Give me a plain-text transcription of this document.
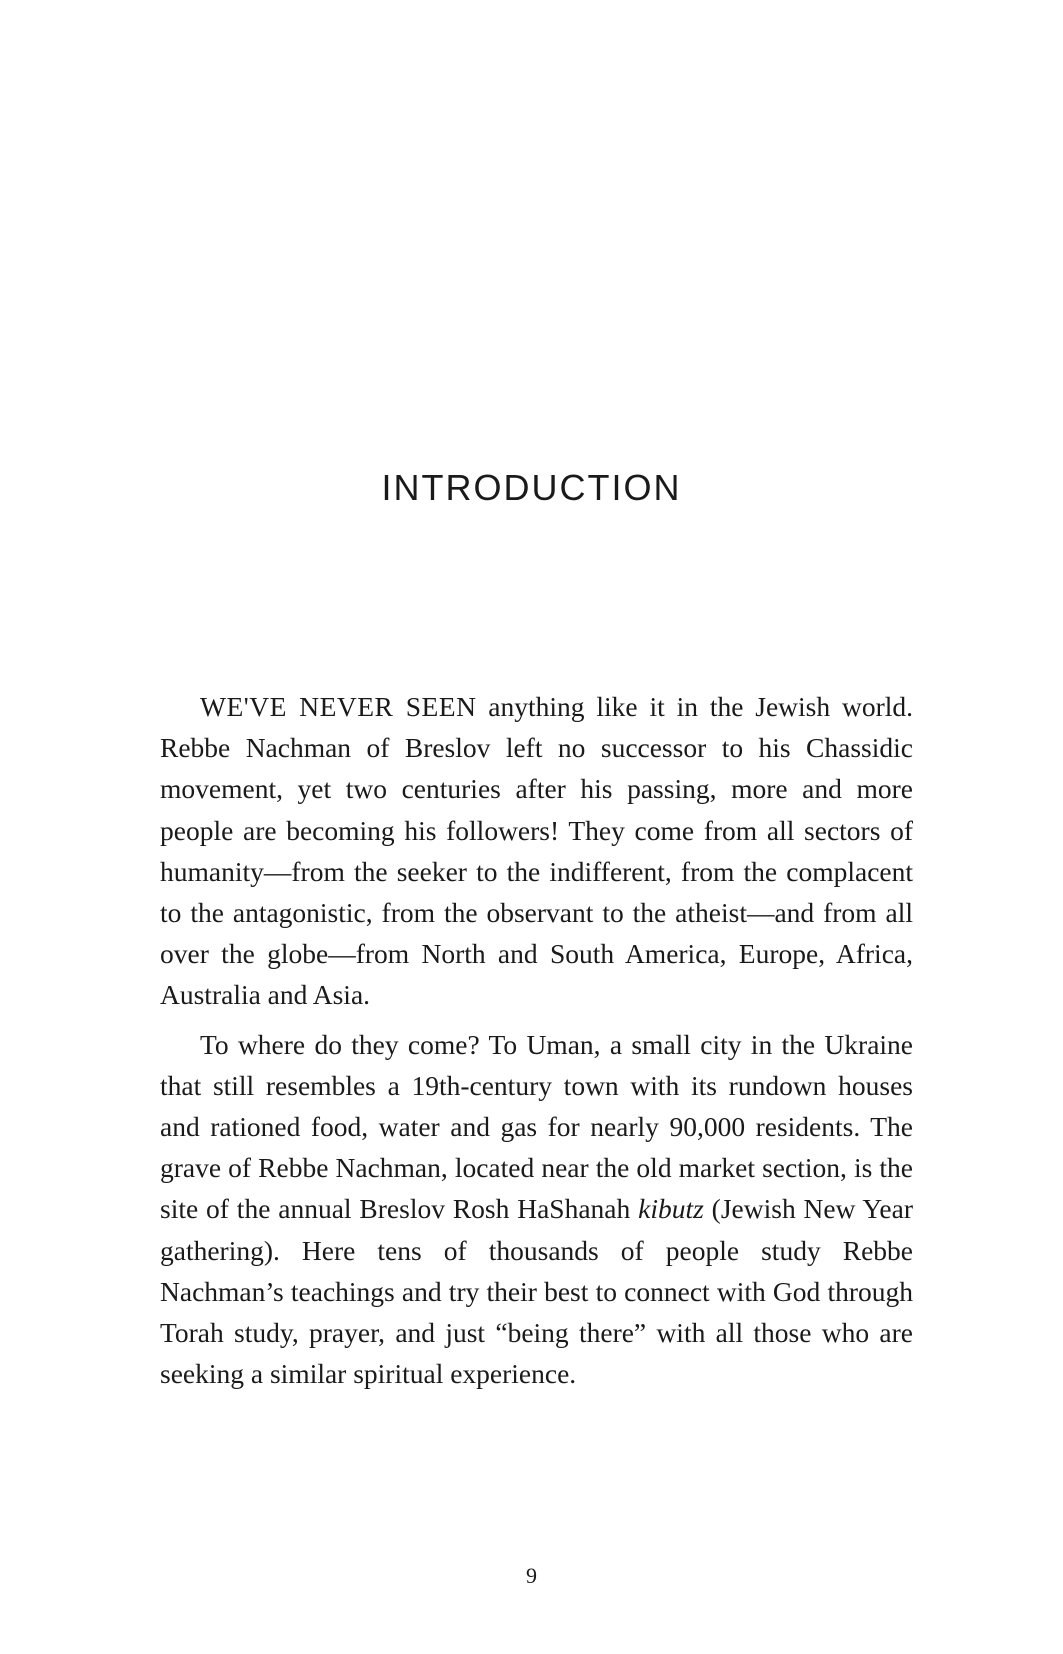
INTRODUCTION

WE'VE NEVER SEEN anything like it in the Jewish world. Rebbe Nachman of Breslov left no successor to his Chassidic movement, yet two centuries after his passing, more and more people are becoming his followers! They come from all sectors of humanity—from the seeker to the indifferent, from the complacent to the antagonistic, from the observant to the atheist—and from all over the globe—from North and South America, Europe, Africa, Australia and Asia.

To where do they come? To Uman, a small city in the Ukraine that still resembles a 19th-century town with its rundown houses and rationed food, water and gas for nearly 90,000 residents. The grave of Rebbe Nachman, located near the old market section, is the site of the annual Breslov Rosh HaShanah kibutz (Jewish New Year gathering). Here tens of thousands of people study Rebbe Nachman’s teachings and try their best to connect with God through Torah study, prayer, and just “being there” with all those who are seeking a similar spiritual experience.

9
